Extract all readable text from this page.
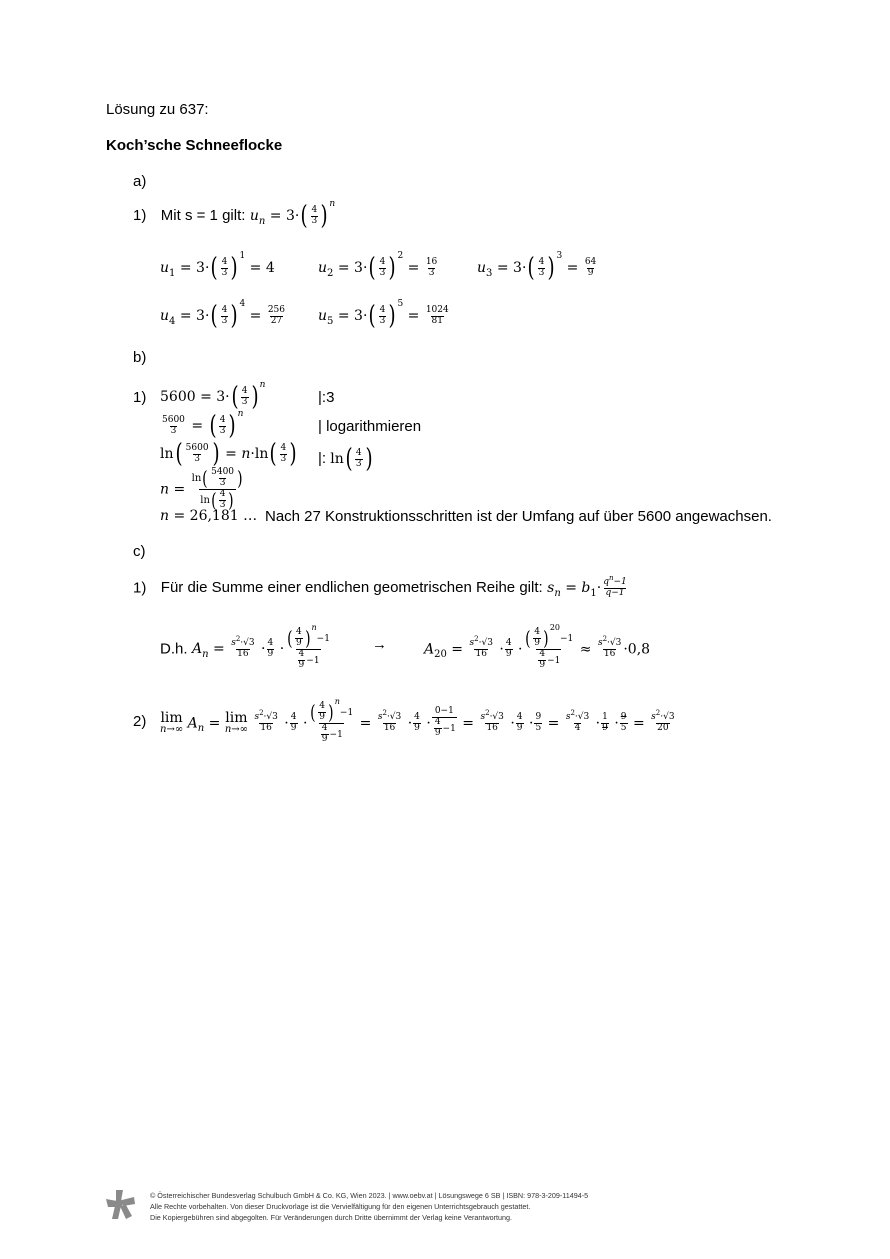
Lösung zu 637:
Koch’sche Schneeflocke
a)
1) Mit s = 1 gilt: $u_n = 3\cdot$ ( $\frac{4}{3}$ ) $^n$
$u_1 = 3\cdot$ ( $\frac{4}{3}$ ) $^1$ = 4	$u_2 = 3\cdot$ ( $\frac{4}{3}$ ) $^2 = \frac{16}{3}$	$u_3 = 3\cdot$ ( $\frac{4}{3}$ ) $^3 = \frac{64}{9}$
$u_4 = 3\cdot$ ( $\frac{4}{3}$ ) $^4 = \frac{256}{27} u_5 = 3\cdot$ ( $\frac{4}{3}$ ) $^5 = \frac{1024}{81}$
b)
1) 5600 = 3· ( $\frac{4}{3}$ ) $^n$
|:3
$\frac{5600}{3}$ = ( $\frac{4}{3}$ ) $^n$
| logarithmieren
ln ( $\frac{5600}{3}$ ) = n·ln ( $\frac{4}{3}$ ) |: ln ( $\frac{4}{3}$ )
$n = \frac{\ln ( \frac{5400}{3} )}{\ln ( \frac{4}{3} )}$
n = 26,181 … Nach 27 Konstruktionsschritten ist der Umfang auf über 5600 angewachsen.
c)
1) Für die Summe einer endlichen geometrischen Reihe gilt: $s_n = b_1\cdot \frac{q^n-1}{q-1}$
D.h. $A_n = \frac{s^2\cdot√3}{16} \cdot \frac{4}{9} \cdot \frac{( \frac{4}{9} ) ^n-1}{\frac{4}{9} -1}$	→	$A_{20} = \frac{s^2\cdot√3}{16} \cdot \frac{4}{9} \cdot \frac{( \frac{4}{9} ) ^{20}-1}{\frac{4}{9} -1} \approx \frac{s^2\cdot√3}{16} \cdot 0,8$
2) lim
n→∞ $A_n = \lim$
n→∞
$\frac{s^2\cdot√3}{16} \cdot \frac{4}{9} \cdot \frac{( \frac{4}{9} ) ^n-1}{\frac{4}{9} -1} = \frac{s^2\cdot√3}{16} \cdot \frac{4}{9} \cdot \frac{0-1}{\frac{4}{9} -1} = \frac{s^2\cdot√3}{16} \cdot \frac{4}{9} \cdot \frac{9}{5} = \frac{s^2\cdot√3}{4} \cdot \frac{1}{9} \cdot \frac{9}{5} = \frac{s^2\cdot√3}{20}$
© Österreichischer Bundesverlag Schulbuch GmbH & Co. KG, Wien 2023. | www.oebv.at | Lösungswege 6 SB | ISBN: 978-3-209-11494-5
Alle Rechte vorbehalten. Von dieser Druckvorlage ist die Vervielfältigung für den eigenen Unterrichtsgebrauch gestattet.
Die Kopiergebühren sind abgegolten. Für Veränderungen durch Dritte übernimmt der Verlag keine Verantwortung.
